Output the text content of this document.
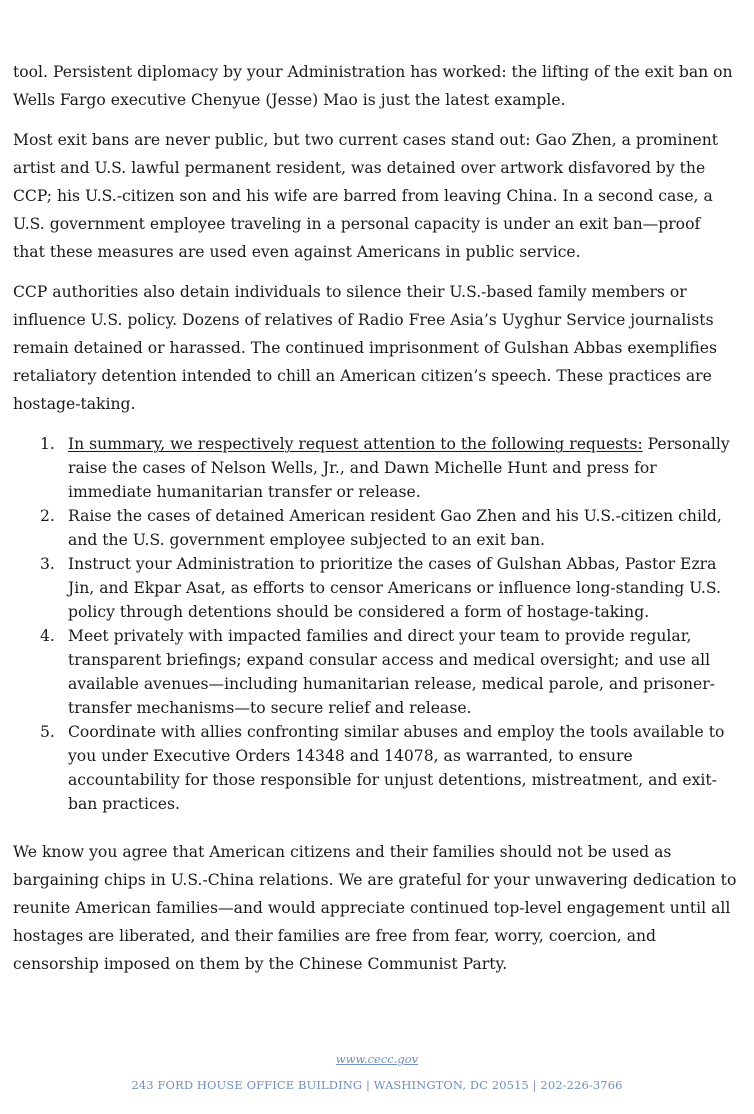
tool. Persistent diplomacy by your Administration has worked: the lifting of the exit ban on Wells Fargo executive Chenyue (Jesse) Mao is just the latest example.

Most exit bans are never public, but two current cases stand out: Gao Zhen, a prominent artist and U.S. lawful permanent resident, was detained over artwork disfavored by the CCP; his U.S.-citizen son and his wife are barred from leaving China. In a second case, a U.S. government employee traveling in a personal capacity is under an exit ban—proof that these measures are used even against Americans in public service.

CCP authorities also detain individuals to silence their U.S.-based family members or influence U.S. policy. Dozens of relatives of Radio Free Asia’s Uyghur Service journalists remain detained or harassed. The continued imprisonment of Gulshan Abbas exemplifies retaliatory detention intended to chill an American citizen’s speech. These practices are hostage-taking.

1. In summary, we respectively request attention to the following requests: Personally raise the cases of Nelson Wells, Jr., and Dawn Michelle Hunt and press for immediate humanitarian transfer or release.
2. Raise the cases of detained American resident Gao Zhen and his U.S.-citizen child, and the U.S. government employee subjected to an exit ban.
3. Instruct your Administration to prioritize the cases of Gulshan Abbas, Pastor Ezra Jin, and Ekpar Asat, as efforts to censor Americans or influence long-standing U.S. policy through detentions should be considered a form of hostage-taking.
4. Meet privately with impacted families and direct your team to provide regular, transparent briefings; expand consular access and medical oversight; and use all available avenues—including humanitarian release, medical parole, and prisoner-transfer mechanisms—to secure relief and release.
5. Coordinate with allies confronting similar abuses and employ the tools available to you under Executive Orders 14348 and 14078, as warranted, to ensure accountability for those responsible for unjust detentions, mistreatment, and exit-ban practices.

We know you agree that American citizens and their families should not be used as bargaining chips in U.S.-China relations. We are grateful for your unwavering dedication to reunite American families—and would appreciate continued top-level engagement until all hostages are liberated, and their families are free from fear, worry, coercion, and censorship imposed on them by the Chinese Communist Party.

www.cecc.gov
243 FORD HOUSE OFFICE BUILDING | WASHINGTON, DC 20515 | 202-226-3766
